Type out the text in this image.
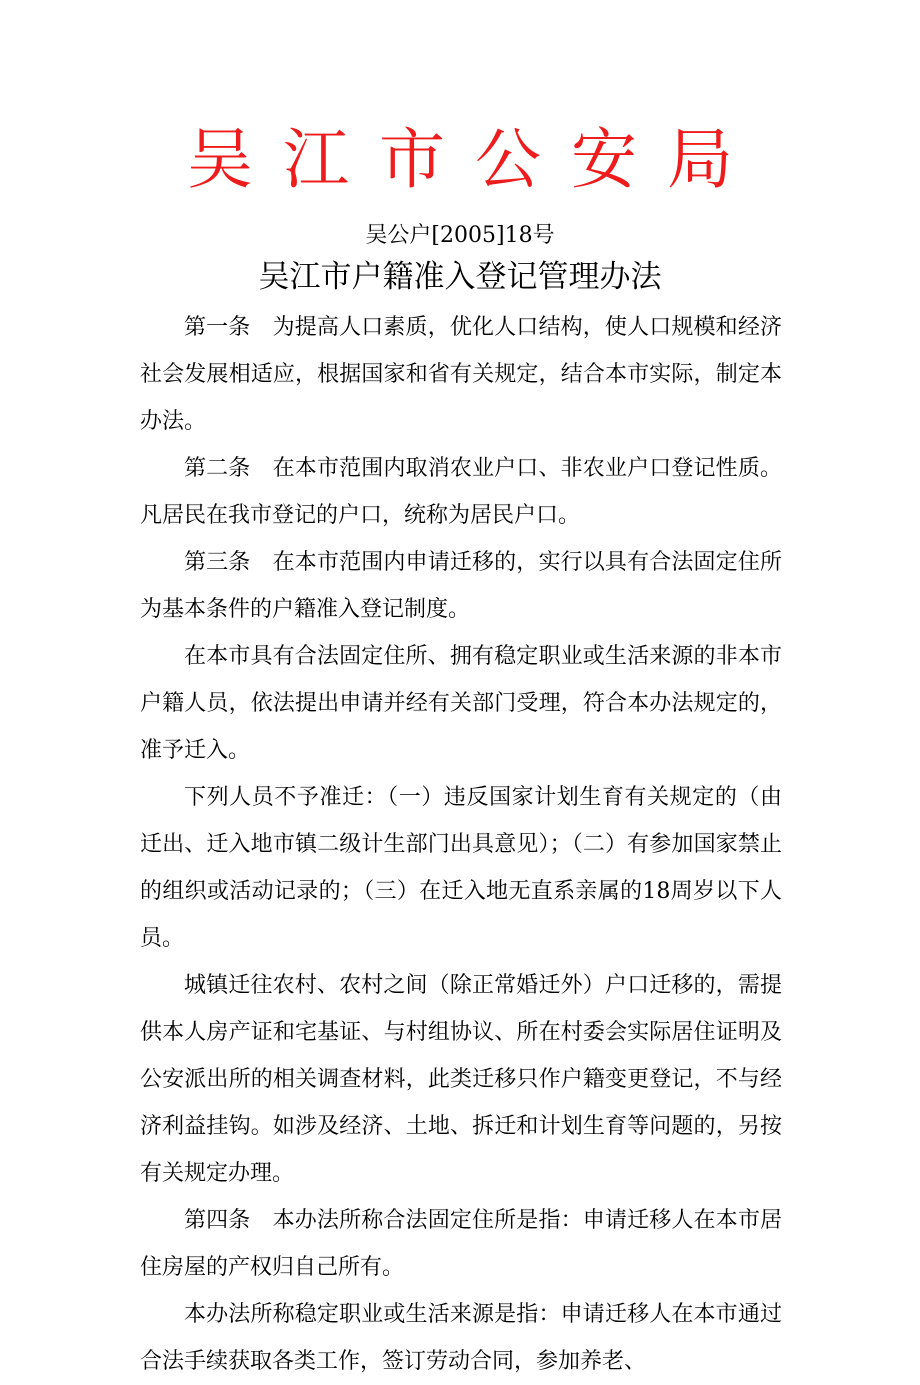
吴江市公安局
吴公户[2005]18号
吴江市户籍准入登记管理办法

第一条 为提高人口素质，优化人口结构，使人口规模和经济社会发展相适应，根据国家和省有关规定，结合本市实际，制定本办法。

第二条 在本市范围内取消农业户口、非农业户口登记性质。凡居民在我市登记的户口，统称为居民户口。

第三条 在本市范围内申请迁移的，实行以具有合法固定住所为基本条件的户籍准入登记制度。

在本市具有合法固定住所、拥有稳定职业或生活来源的非本市户籍人员，依法提出申请并经有关部门受理，符合本办法规定的，准予迁入。

下列人员不予准迁：（一）违反国家计划生育有关规定的（由迁出、迁入地市镇二级计生部门出具意见）；（二）有参加国家禁止的组织或活动记录的；（三）在迁入地无直系亲属的18周岁以下人员。

城镇迁往农村、农村之间（除正常婚迁外）户口迁移的，需提供本人房产证和宅基证、与村组协议、所在村委会实际居住证明及公安派出所的相关调查材料，此类迁移只作户籍变更登记，不与经济利益挂钩。如涉及经济、土地、拆迁和计划生育等问题的，另按有关规定办理。

第四条 本办法所称合法固定住所是指：申请迁移人在本市居住房屋的产权归自己所有。

本办法所称稳定职业或生活来源是指：申请迁移人在本市通过合法手续获取各类工作，签订劳动合同，参加养老、
